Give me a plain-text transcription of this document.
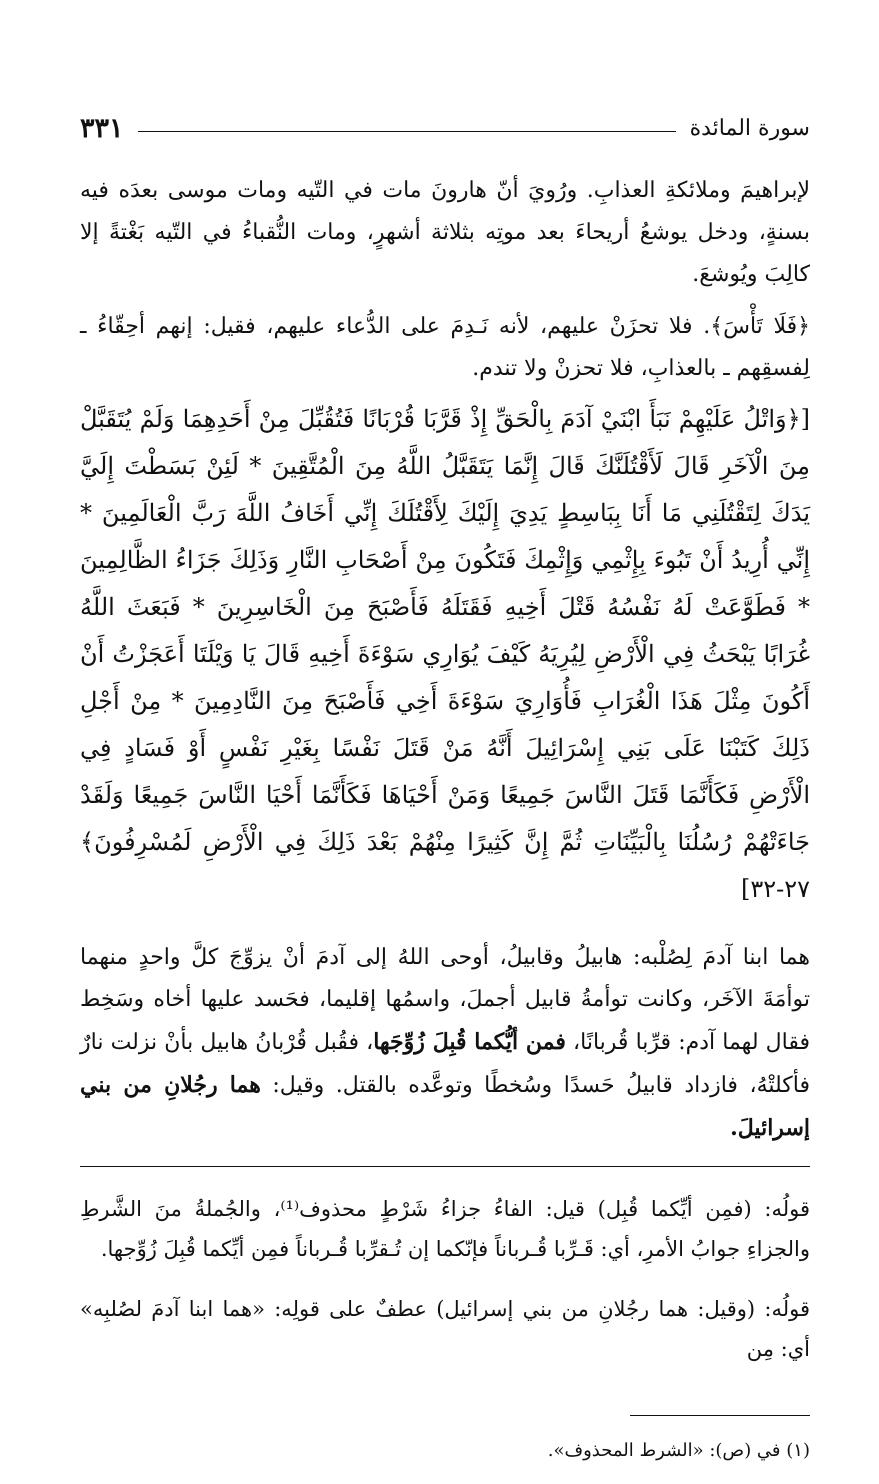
سورة المائدة
٣٣١

لإبراهيمَ وملائكةِ العذابِ. ورُويَ أنّ هارونَ مات في التّيه ومات موسى بعدَه فيه بسنةٍ، ودخل يوشعُ أريحاءَ بعد موتِه بثلاثة أشهرٍ، ومات النُّقباءُ في التّيه بَغْتةً إلا كالِبَ ويُوشعَ.

﴿فَلَا تَأْسَ﴾. فلا تحزَنْ عليهم، لأنه نَـدِمَ على الدُّعاء عليهم، فقيل: إنهم أحِقّاءُ ـ لِفسقِهم ـ بالعذابِ، فلا تحزنْ ولا تندم.

[﴿وَاتْلُ عَلَيْهِمْ نَبَأَ ابْنَيْ آدَمَ بِالْحَقِّ إِذْ قَرَّبَا قُرْبَانًا فَتُقُبِّلَ مِنْ أَحَدِهِمَا وَلَمْ يُتَقَبَّلْ مِنَ الْآخَرِ قَالَ لَأَقْتُلَنَّكَ قَالَ إِنَّمَا يَتَقَبَّلُ اللَّهُ مِنَ الْمُتَّقِينَ * لَئِنْ بَسَطْتَ إِلَيَّ يَدَكَ لِتَقْتُلَنِي مَا أَنَا بِبَاسِطٍ يَدِيَ إِلَيْكَ لِأَقْتُلَكَ إِنِّي أَخَافُ اللَّهَ رَبَّ الْعَالَمِينَ * إِنِّي أُرِيدُ أَنْ تَبُوءَ بِإِثْمِي وَإِثْمِكَ فَتَكُونَ مِنْ أَصْحَابِ النَّارِ وَذَلِكَ جَزَاءُ الظَّالِمِينَ * فَطَوَّعَتْ لَهُ نَفْسُهُ قَتْلَ أَخِيهِ فَقَتَلَهُ فَأَصْبَحَ مِنَ الْخَاسِرِينَ * فَبَعَثَ اللَّهُ غُرَابًا يَبْحَثُ فِي الْأَرْضِ لِيُرِيَهُ كَيْفَ يُوَارِي سَوْءَةَ أَخِيهِ قَالَ يَا وَيْلَتَا أَعَجَزْتُ أَنْ أَكُونَ مِثْلَ هَذَا الْغُرَابِ فَأُوَارِيَ سَوْءَةَ أَخِي فَأَصْبَحَ مِنَ النَّادِمِينَ * مِنْ أَجْلِ ذَلِكَ كَتَبْنَا عَلَى بَنِي إِسْرَائِيلَ أَنَّهُ مَنْ قَتَلَ نَفْسًا بِغَيْرِ نَفْسٍ أَوْ فَسَادٍ فِي الْأَرْضِ فَكَأَنَّمَا قَتَلَ النَّاسَ جَمِيعًا وَمَنْ أَحْيَاهَا فَكَأَنَّمَا أَحْيَا النَّاسَ جَمِيعًا وَلَقَدْ جَاءَتْهُمْ رُسُلُنَا بِالْبَيِّنَاتِ ثُمَّ إِنَّ كَثِيرًا مِنْهُمْ بَعْدَ ذَلِكَ فِي الْأَرْضِ لَمُسْرِفُونَ﴾ ٢٧-٣٢]

هما ابنا آدمَ لِصُلْبه: هابيلُ وقابيلُ، أوحى اللهُ إلى آدمَ أنْ يزوِّجَ كلَّ واحدٍ منهما توأمَةَ الآخَر، وكانت توأمةُ قابيل أجملَ، واسمُها إقليما، فحَسد عليها أخاه وسَخِط فقال لهما آدم: قرِّبا قُربانًا، فمن أيُّكما قُبِلَ زُوِّجَها، فقُبل قُرْبانُ هابيل بأنْ نزلت نارٌ فأكلتْهُ، فازداد قابيلُ حَسدًا وسُخطًا وتوعَّده بالقتل. وقيل: هما رجُلانِ من بني إسرائيلَ.

قولُه: (فمِن أيِّكما قُبِل) قيل: الفاءُ جزاءُ شَرْطٍ محذوف⁽¹⁾، والجُملةُ منَ الشَّرطِ والجزاءِ جوابُ الأمرِ، أي: قَـرِّبا قُـرباناً فإنّكما إن تُـقرِّبا قُـرباناً فمِن أيِّكما قُبِلَ زُوِّجها.

قولُه: (وقيل: هما رجُلانِ من بني إسرائيل) عطفٌ على قولِه: «هما ابنا آدمَ لصُلبِه» أي: مِن

(١) في (ص): «الشرط المحذوف».
